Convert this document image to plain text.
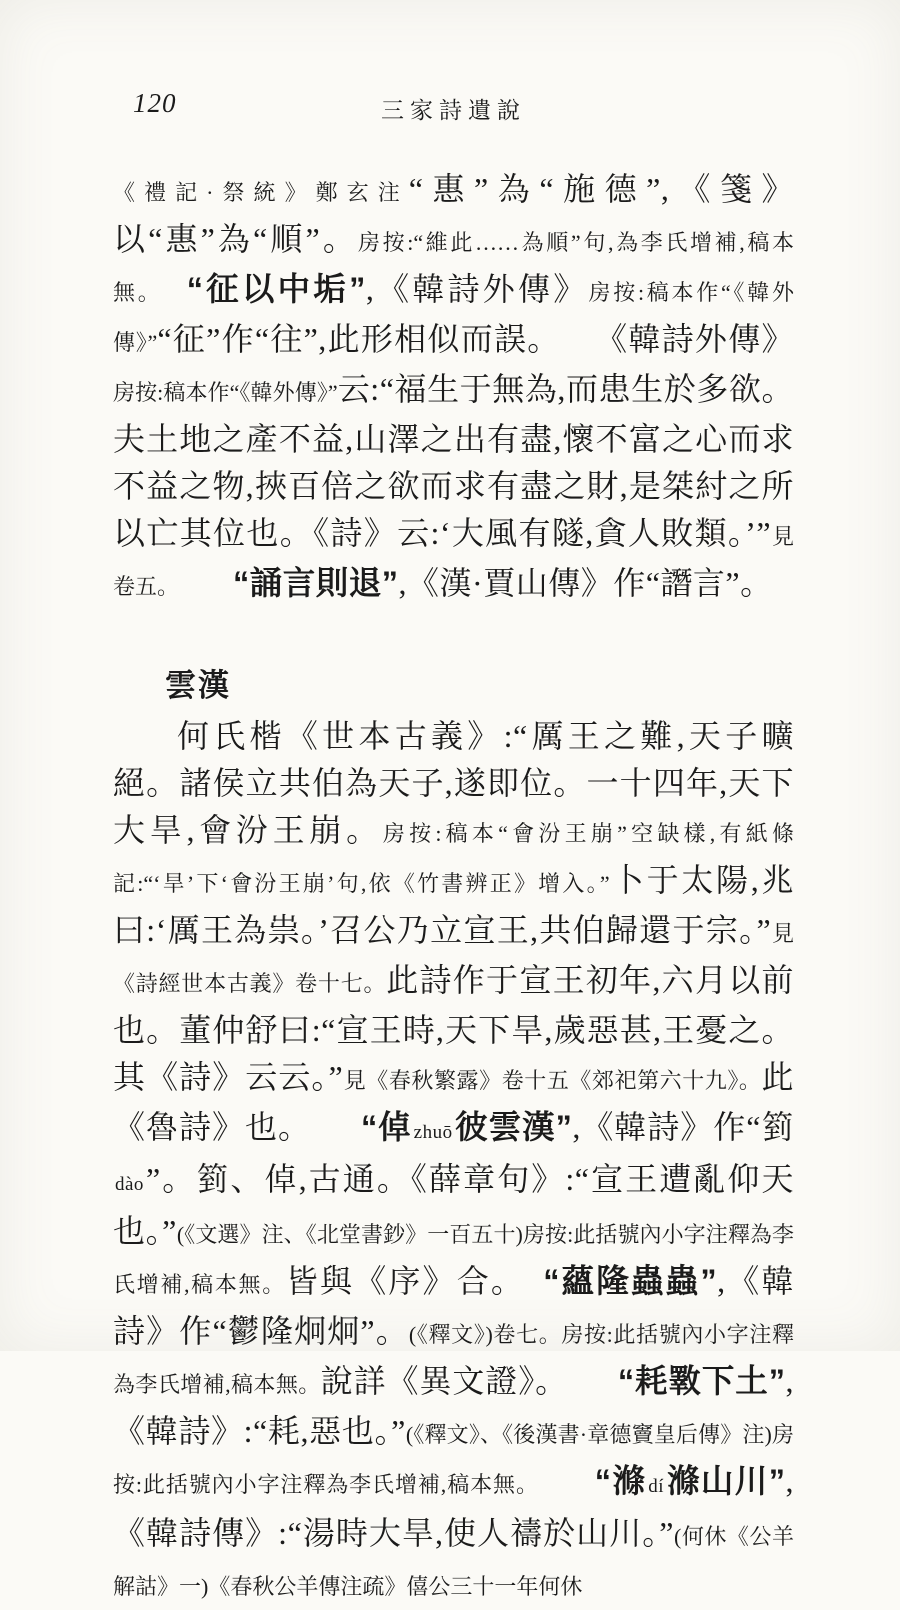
120	三家詩遺說
《禮記·祭統》鄭玄注“惠”為“施德”,《箋》以“惠”為“順”。房按:“維此……為順”句,為李氏增補,稿本無。　 “征以中垢”,《韓詩外傳》房按:稿本作“《韓外傳》”“征”作“往”,此形相似而誤。　　《韓詩外傳》房按:稿本作“《韓外傳》”云:“福生于無為,而患生於多欲。夫土地之產不益,山澤之出有盡,懷不富之心而求不益之物,挾百倍之欲而求有盡之財,是桀紂之所以亡其位也。《詩》云:‘大風有隧,貪人敗類。’”見卷五。　　 “誦言則退”,《漢·賈山傳》作“譖言”。
雲漢
何氏楷《世本古義》:“厲王之難,天子曠絕。諸侯立共伯為天子,遂即位。一十四年,天下大旱,會汾王崩。房按:稿本“會汾王崩”空缺樣,有紙條記:“‘旱’下‘會汾王崩’句,依《竹書辨正》增入。”卜于太陽,兆曰:‘厲王為祟。’召公乃立宣王,共伯歸還于宗。”見《詩經世本古義》卷十七。此詩作于宣王初年,六月以前也。董仲舒曰:“宣王時,天下旱,歲惡甚,王憂之。其《詩》云云。”見《春秋繁露》卷十五《郊祀第六十九》。此《魯詩》也。　　“倬 zhuō彼雲漢”,《韓詩》作“箌dào”。箌、倬,古通。《薛章句》:“宣王遭亂仰天也。”(《文選》注、《北堂書鈔》一百五十)房按:此括號內小字注釋為李氏增補,稿本無。皆與《序》合。　“蘊隆蟲蟲”,《韓詩》作“鬱隆炯炯”。(《釋文》)卷七。房按:此括號內小字注釋為李氏增補,稿本無。說詳《異文證》。　　“耗斁下土”,《韓詩》:“耗,惡也。”(《釋文》、《後漢書·章德竇皇后傳》注)房按:此括號內小字注釋為李氏增補,稿本無。　　 “滌 dí滌山川”,《韓詩傳》:“湯時大旱,使人禱於山川。”(何休《公羊解詁》一)《春秋公羊傳注疏》僖公三十一年何休
